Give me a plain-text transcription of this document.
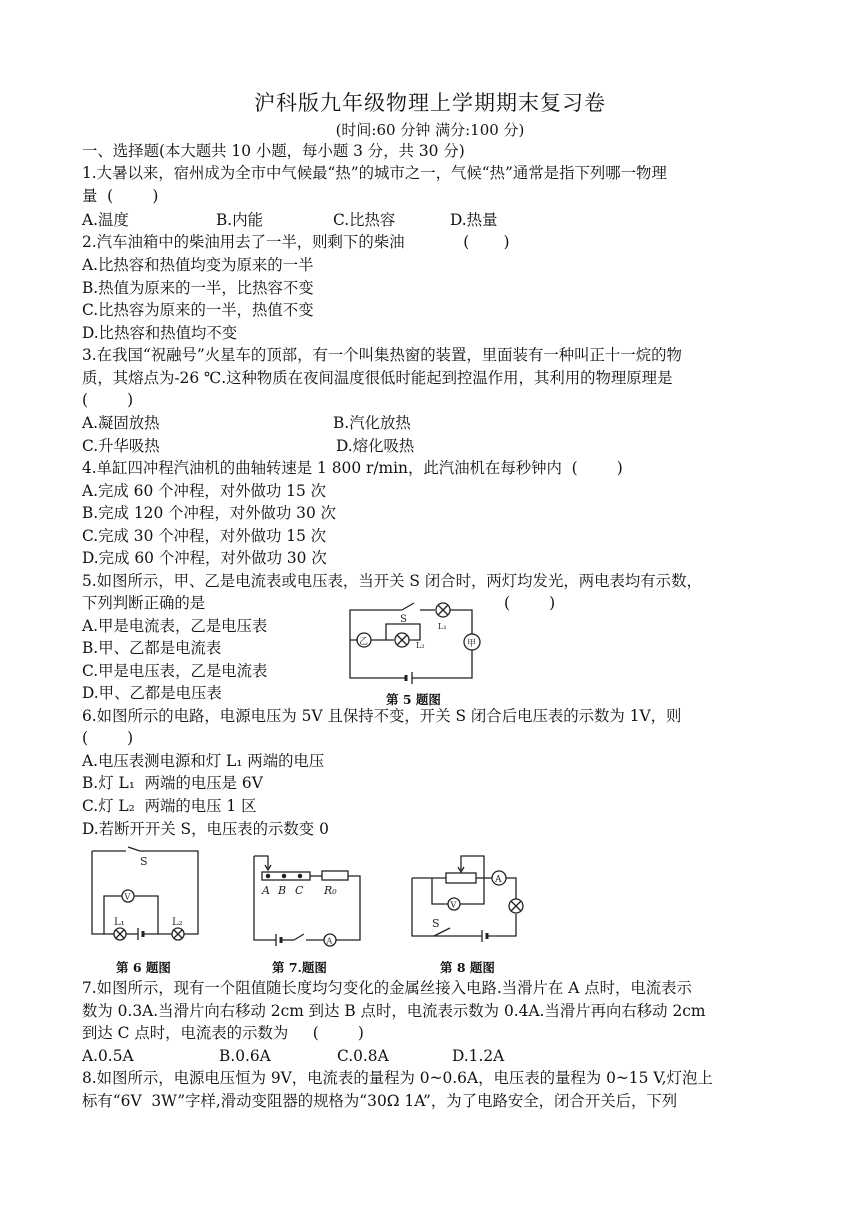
沪科版九年级物理上学期期末复习卷
(时间:60 分钟 满分:100 分)
一、选择题(本大题共 10 小题，每小题 3 分，共 30 分)
1.大暑以来，宿州成为全市中气候最“热”的城市之一，气候“热”通常是指下列哪一物理
量  (        )
A.温度	B.内能	C.比热容	D.热量
2.汽车油箱中的柴油用去了一半，则剩下的柴油            (       )
A.比热容和热值均变为原来的一半
B.热值为原来的一半，比热容不变
C.比热容为原来的一半，热值不变
D.比热容和热值均不变
3.在我国“祝融号”火星车的顶部，有一个叫集热窗的装置，里面装有一种叫正十一烷的物
质，其熔点为-26 ℃.这种物质在夜间温度很低时能起到控温作用，其利用的物理原理是
(        )
A.凝固放热	B.汽化放热
C.升华吸热	D.熔化吸热
4.单缸四冲程汽油机的曲轴转速是 1 800 r/min，此汽油机在每秒钟内  (        )
A.完成 60 个冲程，对外做功 15 次
B.完成 120 个冲程，对外做功 30 次
C.完成 30 个冲程，对外做功 15 次
D.完成 60 个冲程，对外做功 30 次
5.如图所示，甲、乙是电流表或电压表，当开关 S 闭合时，两灯均发光，两电表均有示数，
下列判断正确的是	(        )
A.甲是电流表，乙是电压表
B.甲、乙都是电流表
C.甲是电压表，乙是电流表
D.甲、乙都是电压表
S
L₁
L₂	甲
乙
第 5 题图
6.如图所示的电路，电源电压为 5V 且保持不变，开关 S 闭合后电压表的示数为 1V，则
(        )
A.电压表测电源和灯 L₁ 两端的电压
B.灯 L₁  两端的电压是 6V
C.灯 L₂  两端的电压 1 区
D.若断开开关 S，电压表的示数变 0
S
V
L₁	L₂
第 6 题图
A B C R₀
A
第 7.题图
A
V
S
第 8 题图
7.如图所示，现有一个阻值随长度均匀变化的金属丝接入电路.当滑片在 A 点时，电流表示
数为 0.3A.当滑片向右移动 2cm 到达 B 点时，电流表示数为 0.4A.当滑片再向右移动 2cm
到达 C 点时，电流表的示数为     (        )
A.0.5A	B.0.6A	C.0.8A	D.1.2A
8.如图所示，电源电压恒为 9V，电流表的量程为 0~0.6A，电压表的量程为 0~15 V,灯泡上
标有“6V  3W”字样,滑动变阻器的规格为“30Ω 1A”，为了电路安全，闭合开关后，下列
